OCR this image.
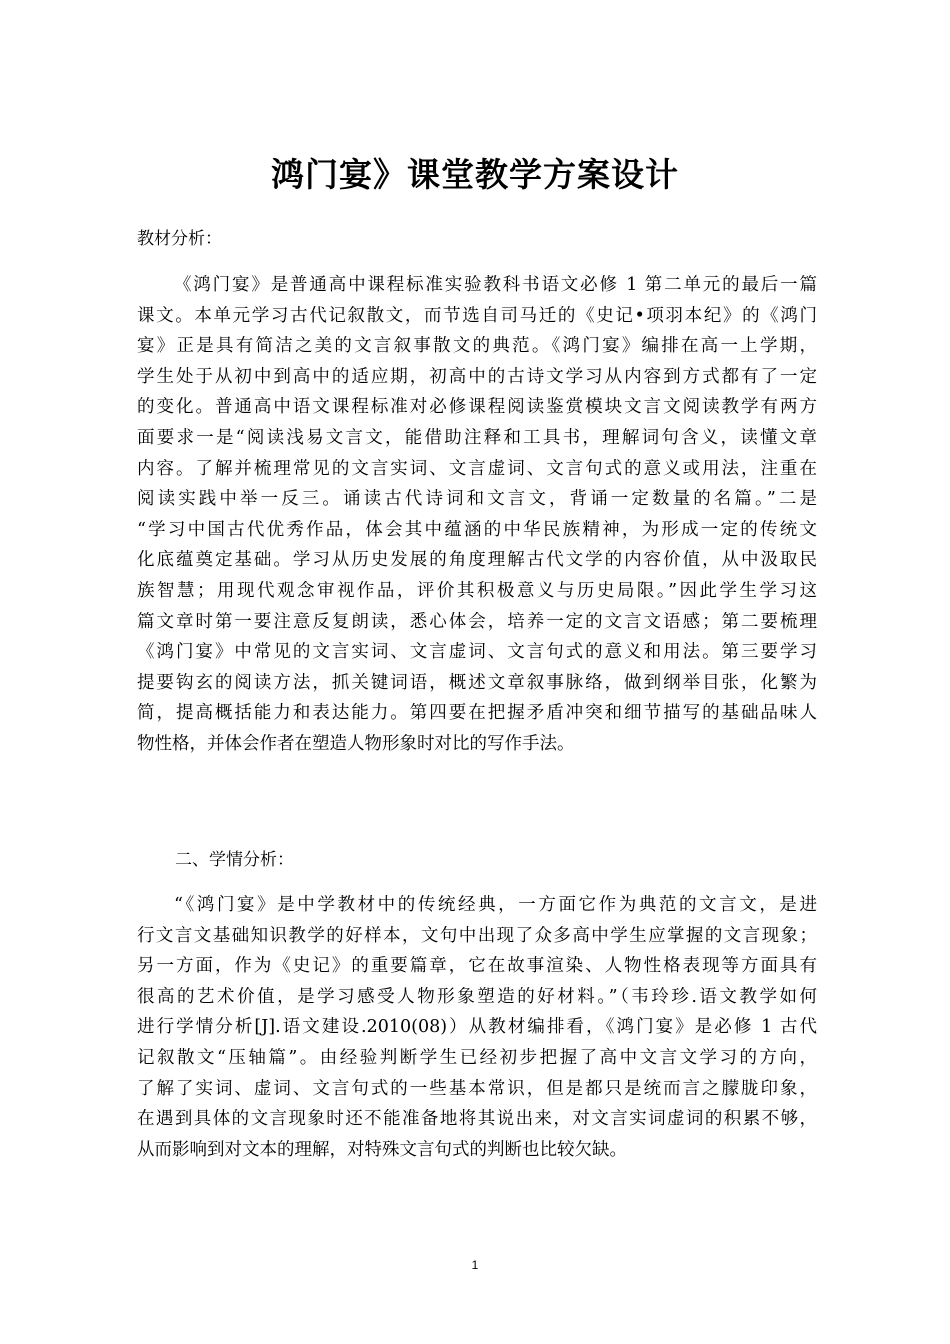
鸿门宴》课堂教学方案设计

教材分析：

《鸿门宴》是普通高中课程标准实验教科书语文必修 1 第二单元的最后一篇
课文。本单元学习古代记叙散文，而节选自司马迁的《史记•项羽本纪》的《鸿门
宴》正是具有简洁之美的文言叙事散文的典范。《鸿门宴》编排在高一上学期，
学生处于从初中到高中的适应期，初高中的古诗文学习从内容到方式都有了一定
的变化。普通高中语文课程标准对必修课程阅读鉴赏模块文言文阅读教学有两方
面要求一是“阅读浅易文言文，能借助注释和工具书，理解词句含义，读懂文章
内容。了解并梳理常见的文言实词、文言虚词、文言句式的意义或用法，注重在
阅读实践中举一反三。诵读古代诗词和文言文，背诵一定数量的名篇。”二是
“学习中国古代优秀作品，体会其中蕴涵的中华民族精神，为形成一定的传统文
化底蕴奠定基础。学习从历史发展的角度理解古代文学的内容价值，从中汲取民
族智慧；用现代观念审视作品，评价其积极意义与历史局限。”因此学生学习这
篇文章时第一要注意反复朗读，悉心体会，培养一定的文言文语感；第二要梳理
《鸿门宴》中常见的文言实词、文言虚词、文言句式的意义和用法。第三要学习
提要钩玄的阅读方法，抓关键词语，概述文章叙事脉络，做到纲举目张，化繁为
简，提高概括能力和表达能力。第四要在把握矛盾冲突和细节描写的基础品味人
物性格，并体会作者在塑造人物形象时对比的写作手法。

二、学情分析：

“《鸿门宴》是中学教材中的传统经典，一方面它作为典范的文言文，是进
行文言文基础知识教学的好样本，文句中出现了众多高中学生应掌握的文言现象；
另一方面，作为《史记》的重要篇章，它在故事渲染、人物性格表现等方面具有
很高的艺术价值，是学习感受人物形象塑造的好材料。”（韦玲珍.语文教学如何
进行学情分析[J].语文建设.2010(08)）从教材编排看，《鸿门宴》是必修 1 古代
记叙散文“压轴篇”。由经验判断学生已经初步把握了高中文言文学习的方向，
了解了实词、虚词、文言句式的一些基本常识，但是都只是统而言之朦胧印象，
在遇到具体的文言现象时还不能准备地将其说出来，对文言实词虚词的积累不够，
从而影响到对文本的理解，对特殊文言句式的判断也比较欠缺。
1
